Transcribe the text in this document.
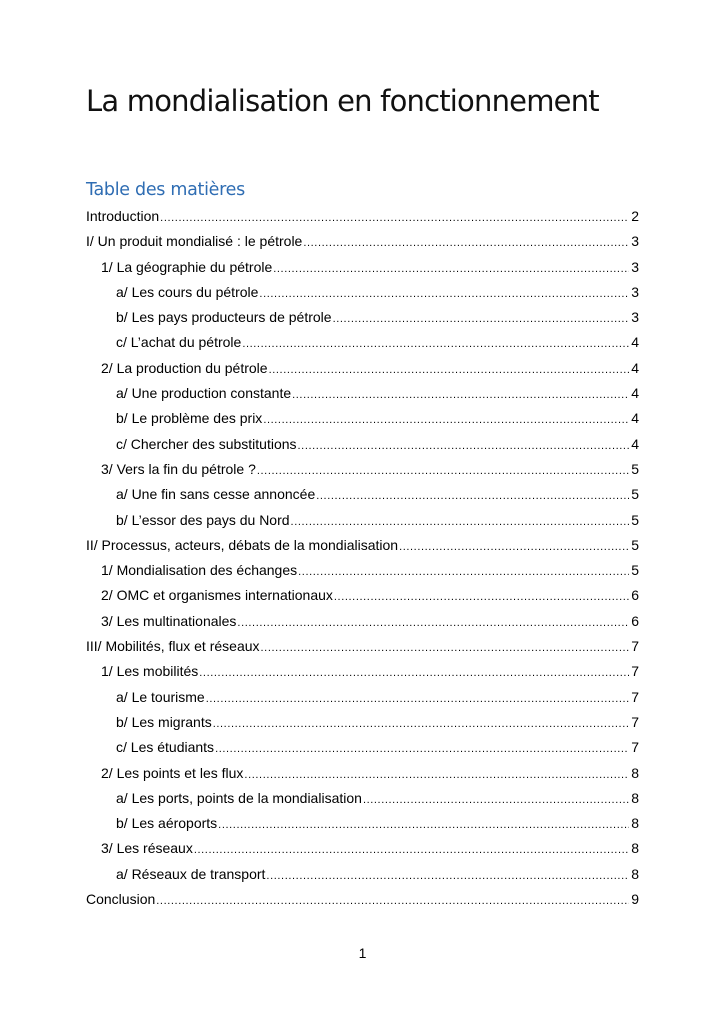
La mondialisation en fonctionnement
Table des matières
Introduction .....	2
I/ Un produit mondialisé : le pétrole .....	3
1/ La géographie du pétrole .....	3
a/ Les cours du pétrole .....	3
b/ Les pays producteurs de pétrole .....	3
c/ L’achat du pétrole .....	4
2/ La production du pétrole .....	4
a/ Une production constante .....	4
b/ Le problème des prix .....	4
c/ Chercher des substitutions .....	4
3/ Vers la fin du pétrole ? .....	5
a/ Une fin sans cesse annoncée .....	5
b/ L’essor des pays du Nord .....	5
II/ Processus, acteurs, débats de la mondialisation .....	5
1/ Mondialisation des échanges .....	5
2/ OMC et organismes internationaux .....	6
3/ Les multinationales .....	6
III/ Mobilités, flux et réseaux .....	7
1/ Les mobilités .....	7
a/ Le tourisme .....	7
b/ Les migrants .....	7
c/ Les étudiants .....	7
2/ Les points et les flux .....	8
a/ Les ports, points de la mondialisation .....	8
b/ Les aéroports .....	8
3/ Les réseaux .....	8
a/ Réseaux de transport .....	8
Conclusion .....	9
1
